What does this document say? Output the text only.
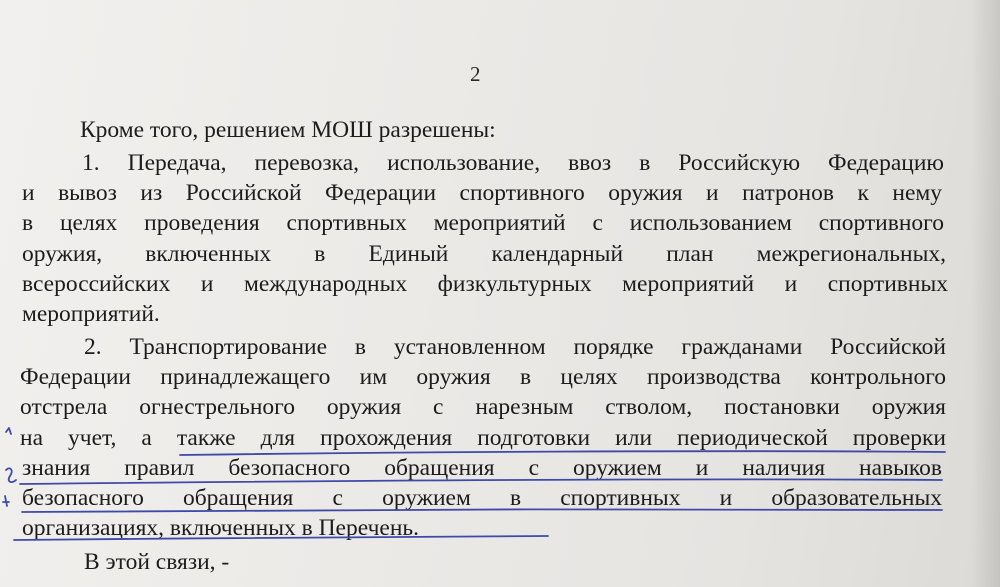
2
Кроме того, решением МОШ разрешены:
1. Передача, перевозка, использование, ввоз в Российскую Федерацию
и вывоз из Российской Федерации спортивного оружия и патронов к нему
в целях проведения спортивных мероприятий с использованием спортивного
оружия, включенных в Единый календарный план межрегиональных,
всероссийских и международных физкультурных мероприятий и спортивных
мероприятий.
2. Транспортирование в установленном порядке гражданами Российской
Федерации принадлежащего им оружия в целях производства контрольного
отстрела огнестрельного оружия с нарезным стволом, постановки оружия
на учет, а также для прохождения подготовки или периодической проверки
знания правил безопасного обращения с оружием и наличия навыков
безопасного обращения с оружием в спортивных и образовательных
организациях, включенных в Перечень.
В этой связи, -
